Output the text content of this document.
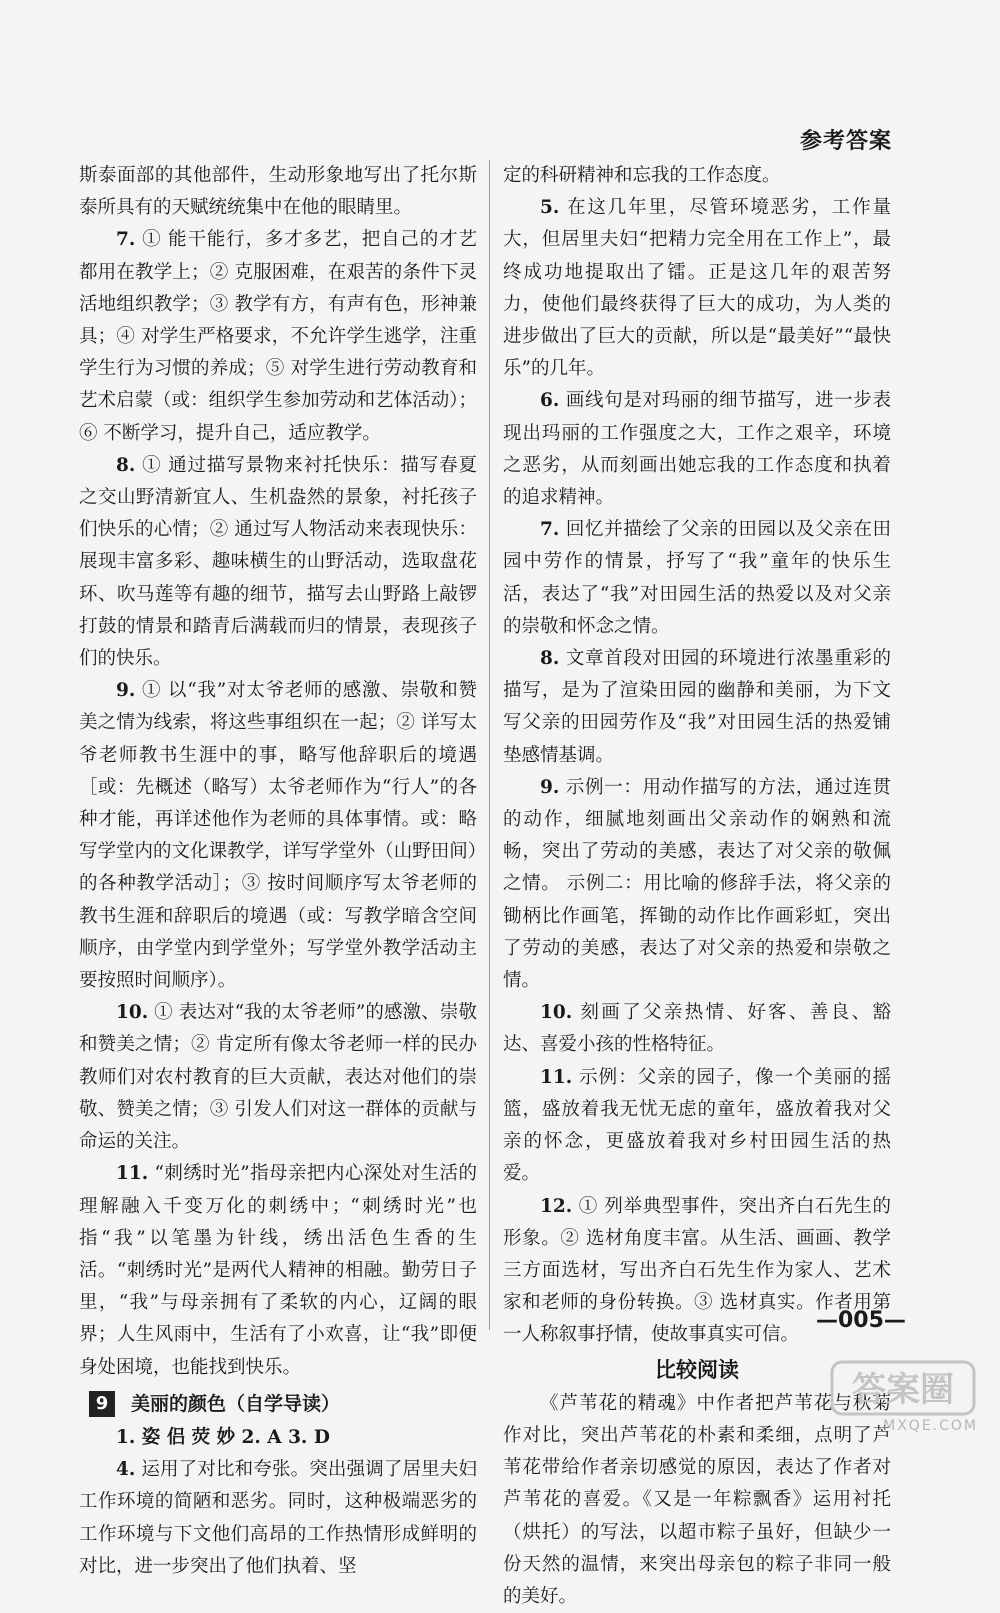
参考答案

斯泰面部的其他部件，生动形象地写出了托尔斯泰所具有的天赋统统集中在他的眼睛里。

7. ① 能干能行，多才多艺，把自己的才艺都用在教学上；② 克服困难，在艰苦的条件下灵活地组织教学；③ 教学有方，有声有色，形神兼具；④ 对学生严格要求，不允许学生逃学，注重学生行为习惯的养成；⑤ 对学生进行劳动教育和艺术启蒙（或：组织学生参加劳动和艺体活动）；⑥ 不断学习，提升自己，适应教学。

8. ① 通过描写景物来衬托快乐：描写春夏之交山野清新宜人、生机盎然的景象，衬托孩子们快乐的心情；② 通过写人物活动来表现快乐：展现丰富多彩、趣味横生的山野活动，选取盘花环、吹马莲等有趣的细节，描写去山野路上敲锣打鼓的情景和踏青后满载而归的情景，表现孩子们的快乐。

9. ① 以“我”对太爷老师的感激、崇敬和赞美之情为线索，将这些事组织在一起；② 详写太爷老师教书生涯中的事，略写他辞职后的境遇［或：先概述（略写）太爷老师作为“行人”的各种才能，再详述他作为老师的具体事情。或：略写学堂内的文化课教学，详写学堂外（山野田间）的各种教学活动］；③ 按时间顺序写太爷老师的教书生涯和辞职后的境遇（或：写教学暗含空间顺序，由学堂内到学堂外；写学堂外教学活动主要按照时间顺序）。

10. ① 表达对“我的太爷老师”的感激、崇敬和赞美之情；② 肯定所有像太爷老师一样的民办教师们对农村教育的巨大贡献，表达对他们的崇敬、赞美之情；③ 引发人们对这一群体的贡献与命运的关注。

11. “刺绣时光”指母亲把内心深处对生活的理解融入千变万化的刺绣中；“刺绣时光”也指“我”以笔墨为针线，绣出活色生香的生活。“刺绣时光”是两代人精神的相融。勤劳日子里，“我”与母亲拥有了柔软的内心，辽阔的眼界；人生风雨中，生活有了小欢喜，让“我”即便身处困境，也能找到快乐。

9	美丽的颜色（自学导读）

1. 姿 侣 荧 妙 2. A 3. D

4. 运用了对比和夸张。突出强调了居里夫妇工作环境的简陋和恶劣。同时，这种极端恶劣的工作环境与下文他们高昂的工作热情形成鲜明的对比，进一步突出了他们执着、坚

定的科研精神和忘我的工作态度。

5. 在这几年里，尽管环境恶劣，工作量大，但居里夫妇“把精力完全用在工作上”，最终成功地提取出了镭。正是这几年的艰苦努力，使他们最终获得了巨大的成功，为人类的进步做出了巨大的贡献，所以是“最美好”“最快乐”的几年。

6. 画线句是对玛丽的细节描写，进一步表现出玛丽的工作强度之大，工作之艰辛，环境之恶劣，从而刻画出她忘我的工作态度和执着的追求精神。

7. 回忆并描绘了父亲的田园以及父亲在田园中劳作的情景，抒写了“我”童年的快乐生活，表达了“我”对田园生活的热爱以及对父亲的崇敬和怀念之情。

8. 文章首段对田园的环境进行浓墨重彩的描写，是为了渲染田园的幽静和美丽，为下文写父亲的田园劳作及“我”对田园生活的热爱铺垫感情基调。

9. 示例一：用动作描写的方法，通过连贯的动作，细腻地刻画出父亲动作的娴熟和流畅，突出了劳动的美感，表达了对父亲的敬佩之情。 示例二：用比喻的修辞手法，将父亲的锄柄比作画笔，挥锄的动作比作画彩虹，突出了劳动的美感，表达了对父亲的热爱和崇敬之情。

10. 刻画了父亲热情、好客、善良、豁达、喜爱小孩的性格特征。

11. 示例：父亲的园子，像一个美丽的摇篮，盛放着我无忧无虑的童年，盛放着我对父亲的怀念，更盛放着我对乡村田园生活的热爱。

12. ① 列举典型事件，突出齐白石先生的形象。② 选材角度丰富。从生活、画画、教学三方面选材，写出齐白石先生作为家人、艺术家和老师的身份转换。③ 选材真实。作者用第一人称叙事抒情，使故事真实可信。

比较阅读

《芦苇花的精魂》中作者把芦苇花与秋菊作对比，突出芦苇花的朴素和柔细，点明了芦苇花带给作者亲切感觉的原因，表达了作者对芦苇花的喜爱。《又是一年粽飘香》运用衬托（烘托）的写法，以超市粽子虽好，但缺少一份天然的温情，来突出母亲包的粽子非同一般的美好。

—005—
答案圈
MXQE.COM
